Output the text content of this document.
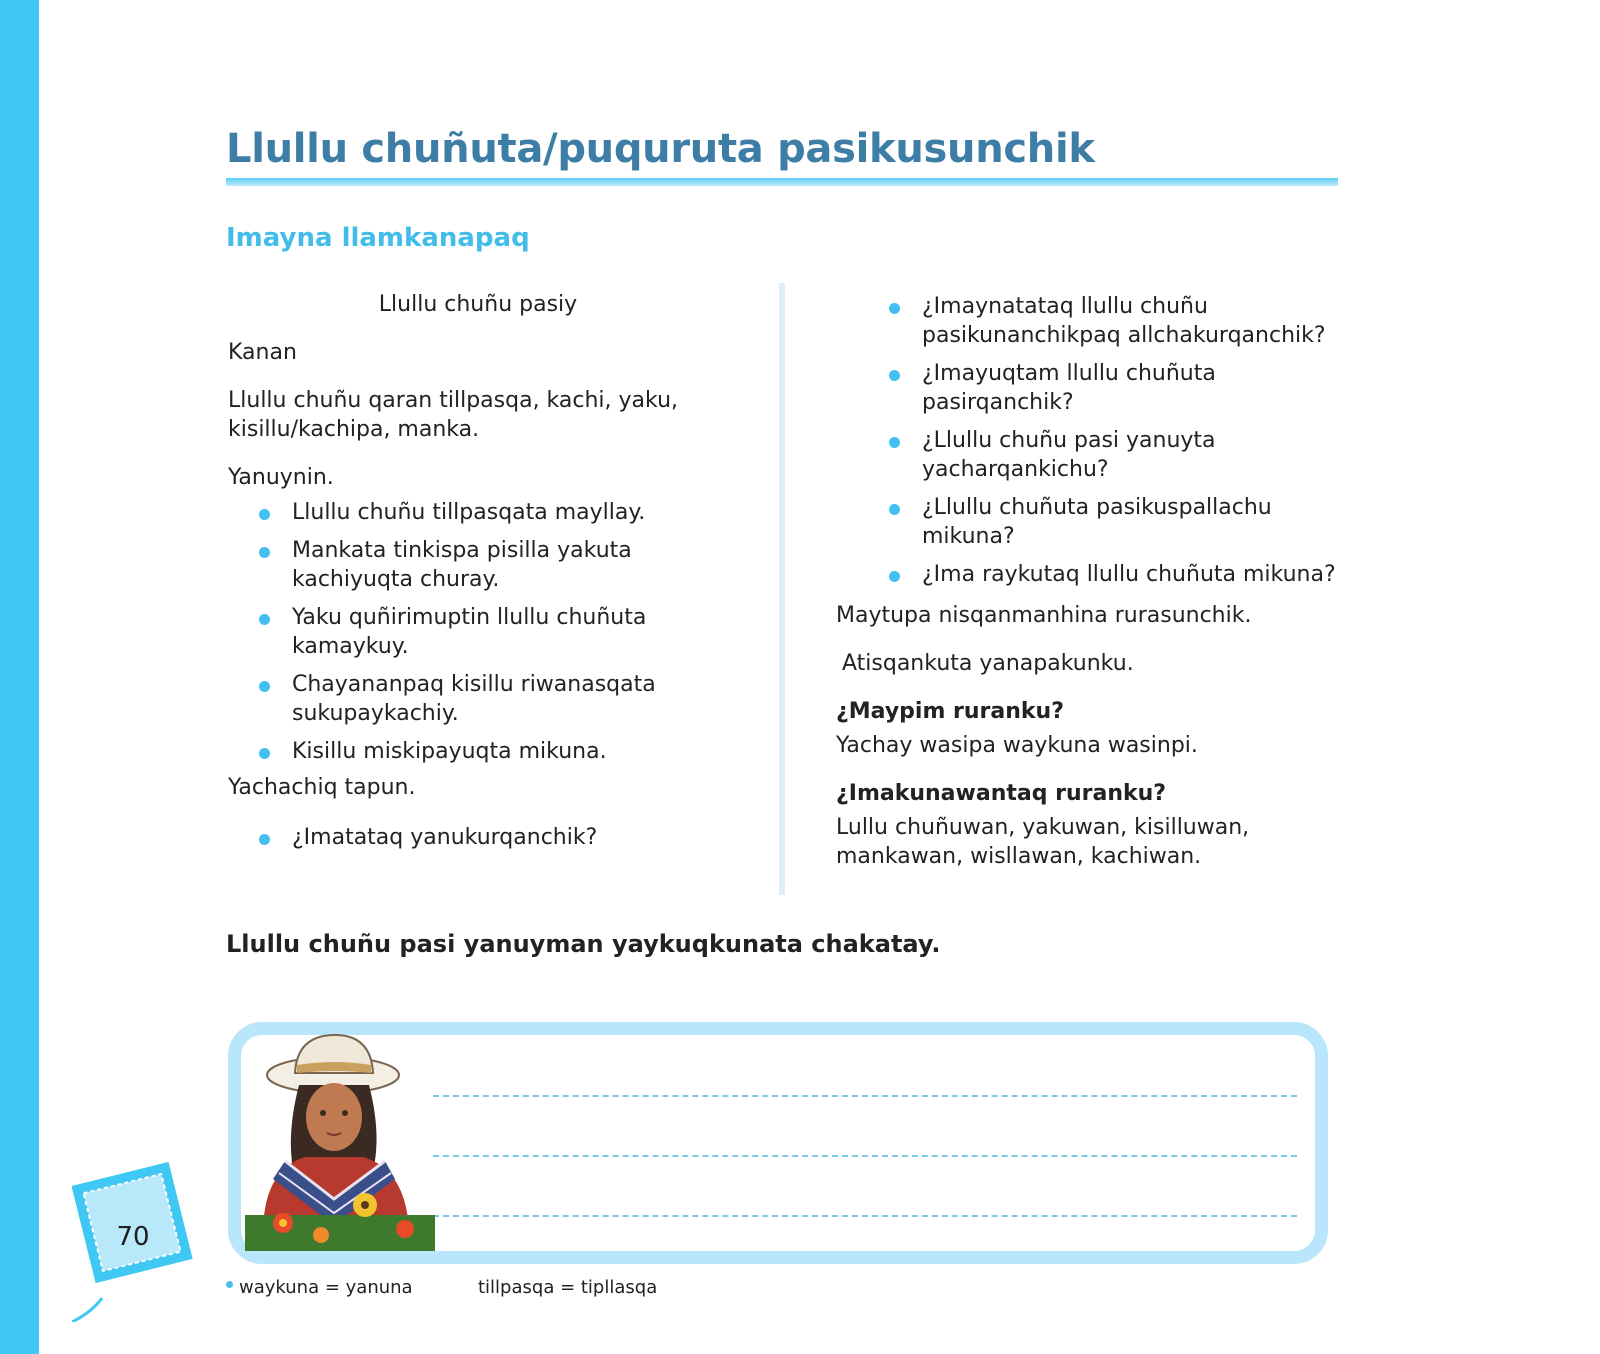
Llullu chuñuta/puquruta pasikusunchik
Imayna llamkanapaq

Llullu chuñu pasiy

Kanan

Llullu chuñu qaran tillpasqa, kachi, yaku, kisillu/kachipa, manka.

Yanuynin.

Llullu chuñu tillpasqata mayllay.
Mankata tinkispa pisilla yakuta kachiyuqta churay.
Yaku quñirimuptin llullu chuñuta kamaykuy.
Chayananpaq kisillu riwanasqata sukupaykachiy.
Kisillu miskipayuqta mikuna.

Yachachiq tapun.

¿Imatataq yanukurqanchik?
¿Imaynatataq llullu chuñu pasikunanchikpaq allchakurqanchik?
¿Imayuqtam llullu chuñuta pasirqanchik?
¿Llullu chuñu pasi yanuyta yacharqankichu?
¿Llullu chuñuta pasikuspallachu mikuna?
¿Ima raykutaq llullu chuñuta mikuna?

Maytupa nisqanmanhina rurasunchik.

Atisqankuta yanapakunku.

¿Maypim ruranku?

Yachay wasipa waykuna wasinpi.

¿Imakunawantaq ruranku?

Lullu chuñuwan, yakuwan, kisilluwan, mankawan, wisllawan, kachiwan.

Llullu chuñu pasi yanuyman yaykuqkunata chakatay.

70

waykuna = yanuna	tillpasqa = tipllasqa
